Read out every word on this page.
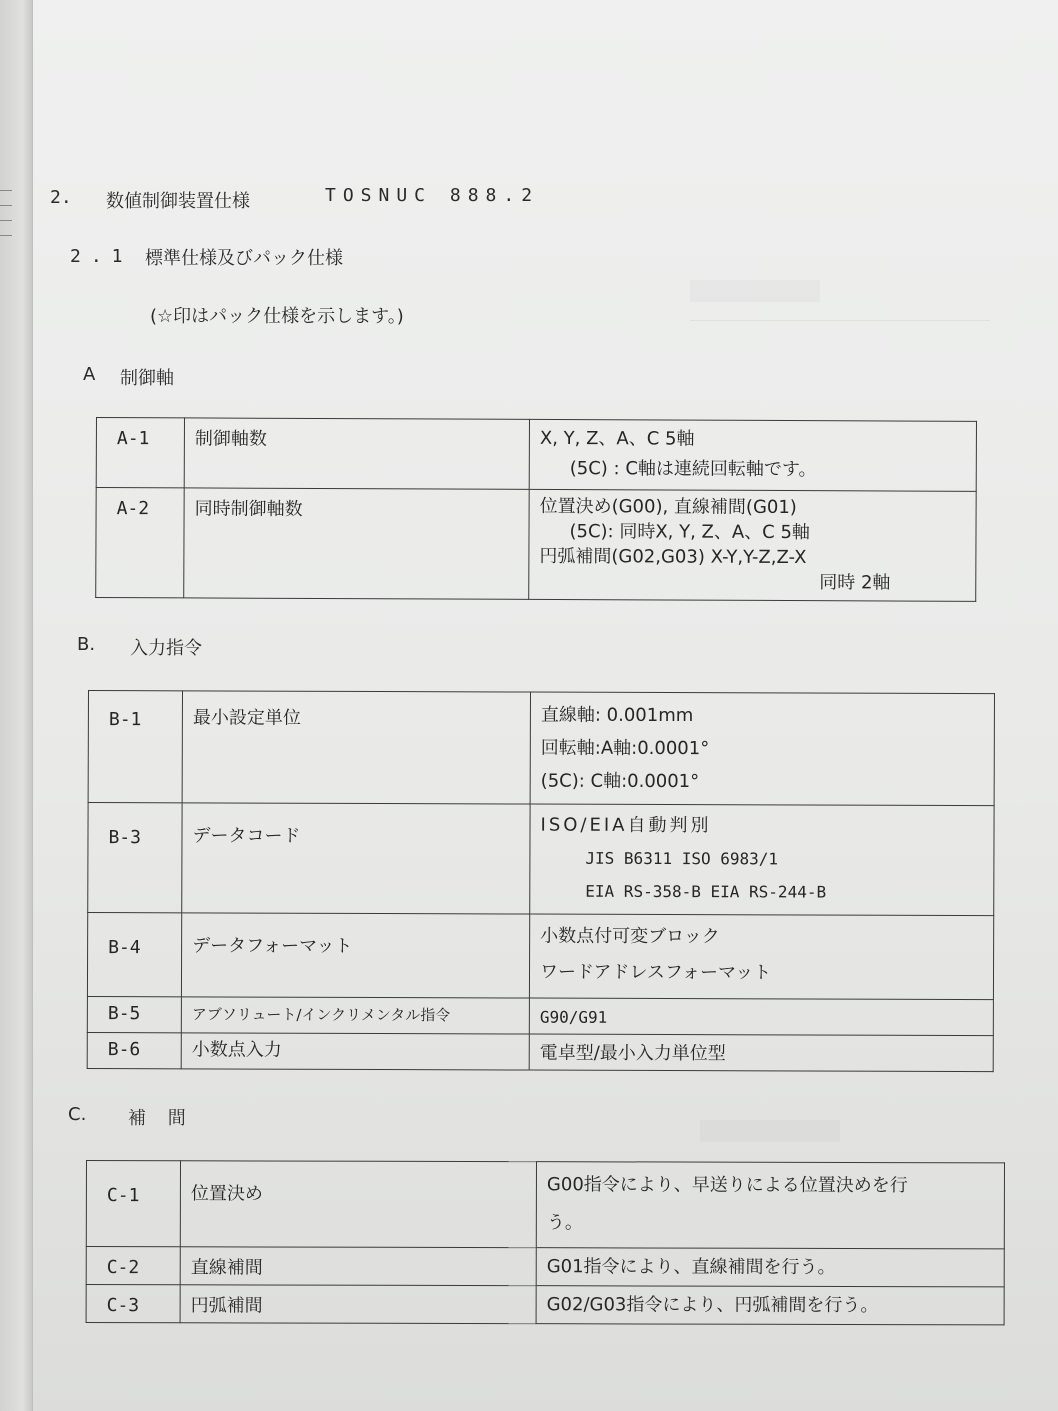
2. 数値制御装置仕様	TOSNUC 888.2
2.1 標準仕様及びパック仕様
(☆印はパック仕様を示します。)
A 制御軸
A-1	制御軸数	X, Y, Z、A、C 5軸
(5C) : C軸は連続回転軸です。

A-2	同時制御軸数	位置決め(G00), 直線補間(G01)
(5C): 同時X, Y, Z、A、C 5軸
円弧補間(G02,G03) X-Y,Y-Z,Z-X
同時 2軸
B. 入力指令
B-1	最小設定単位	直線軸: 0.001mm
回転軸:A軸:0.0001°
(5C): C軸:0.0001°

B-3	データコード	ISO/EIA自動判別
JIS B6311 ISO 6983/1
EIA RS-358-B EIA RS-244-B

B-4	データフォーマット	小数点付可変ブロック
ワードアドレスフォーマット

B-5	アブソリュート/インクリメンタル指令	G90/G91

B-6	小数点入力	電卓型/最小入力単位型
C. 補 間
C-1	位置決め	G00指令により、早送りによる位置決めを行
う。

C-2	直線補間	G01指令により、直線補間を行う。

C-3	円弧補間	G02/G03指令により、円弧補間を行う。
